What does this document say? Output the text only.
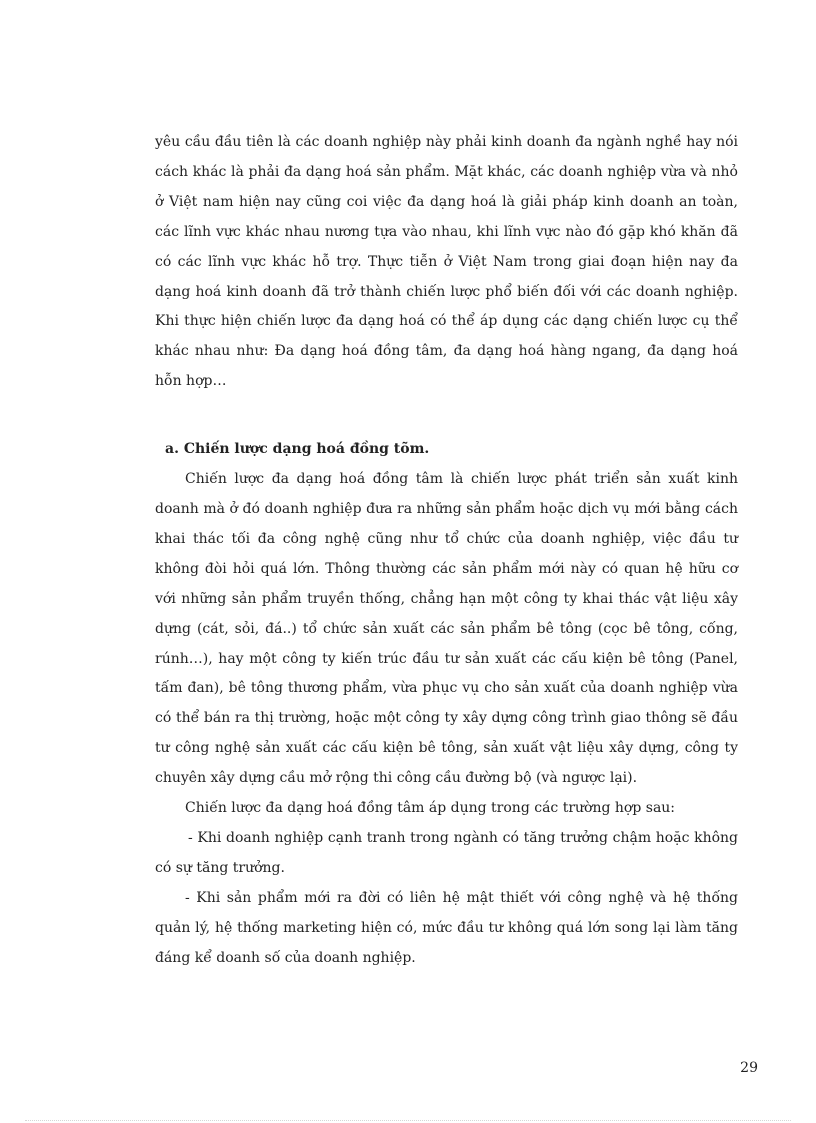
yêu cầu đầu tiên là các doanh nghiệp này phải kinh doanh đa ngành nghề hay nói cách khác là phải đa dạng hoá sản phẩm. Mặt khác, các doanh nghiệp vừa và nhỏ ở Việt nam hiện nay cũng coi việc đa dạng hoá là giải pháp kinh doanh an toàn, các lĩnh vực khác nhau nương tựa vào nhau, khi lĩnh vực nào đó gặp khó khăn đã có các lĩnh vực khác hỗ trợ. Thực tiễn ở Việt Nam trong giai đoạn hiện nay đa dạng hoá kinh doanh đã trở thành chiến lược phổ biến đối với các doanh nghiệp. Khi thực hiện chiến lược đa dạng hoá có thể áp dụng các dạng chiến lược cụ thể khác nhau như: Đa dạng hoá đồng tâm, đa dạng hoá hàng ngang, đa dạng hoá hỗn hợp…

a. Chiến lược dạng hoá đồng tõm.

Chiến lược đa dạng hoá đồng tâm là chiến lược phát triển sản xuất kinh doanh mà ở đó doanh nghiệp đưa ra những sản phẩm hoặc dịch vụ mới bằng cách khai thác tối đa công nghệ cũng như tổ chức của doanh nghiệp, việc đầu tư không đòi hỏi quá lớn. Thông thường các sản phẩm mới này có quan hệ hữu cơ với những sản phẩm truyền thống, chẳng hạn một công ty khai thác vật liệu xây dựng (cát, sỏi, đá..) tổ chức sản xuất các sản phẩm bê tông (cọc bê tông, cống, rúnh…), hay một công ty kiến trúc đầu tư sản xuất các cấu kiện bê tông (Panel, tấm đan), bê tông thương phẩm, vừa phục vụ cho sản xuất của doanh nghiệp vừa có thể bán ra thị trường, hoặc một công ty xây dựng công trình giao thông sẽ đầu tư công nghệ sản xuất các cấu kiện bê tông, sản xuất vật liệu xây dựng, công ty chuyên xây dựng cầu mở rộng thi công cầu đường bộ (và ngược lại).

Chiến lược đa dạng hoá đồng tâm áp dụng trong các trường hợp sau:

- Khi doanh nghiệp cạnh tranh trong ngành có tăng trưởng chậm hoặc không có sự tăng trưởng.

- Khi sản phẩm mới ra đời có liên hệ mật thiết với công nghệ và hệ thống quản lý, hệ thống marketing hiện có, mức đầu tư không quá lớn song lại làm tăng đáng kể doanh số của doanh nghiệp.

29
